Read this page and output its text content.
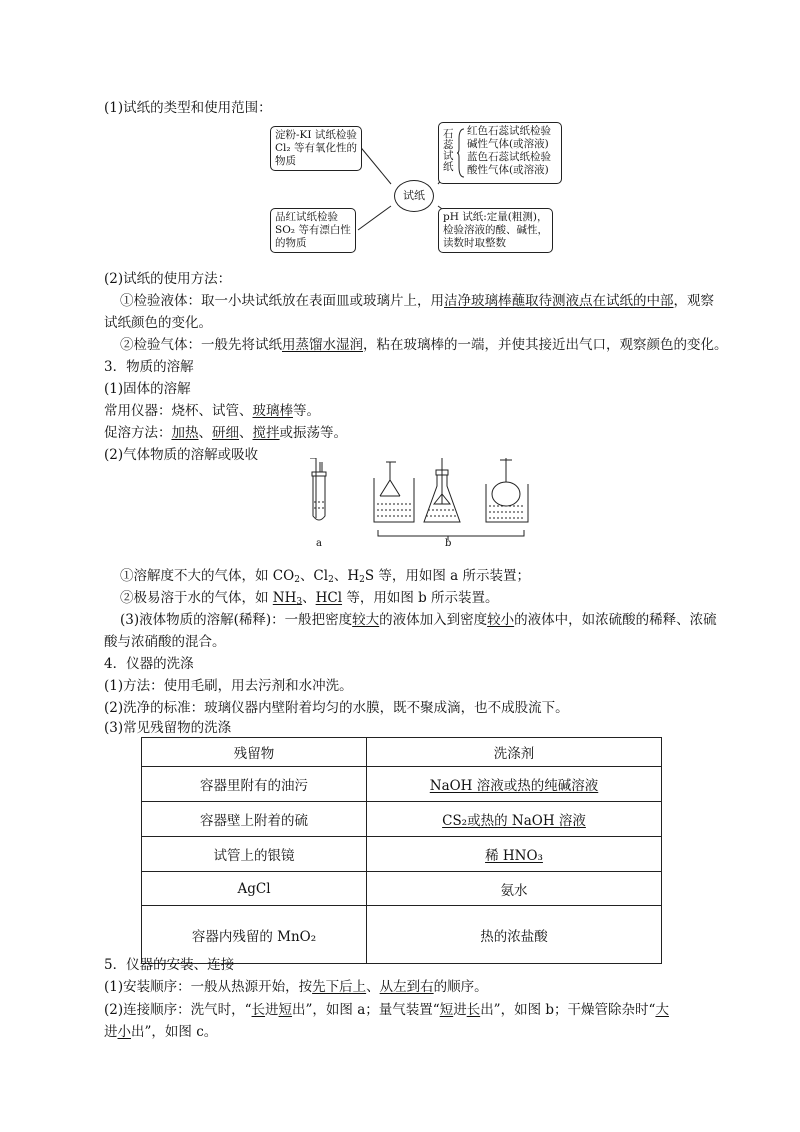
(1)试纸的类型和使用范围：
淀粉-KI 试纸检验
Cl₂ 等有氧化性的
物质
品红试纸检验
SO₂ 等有漂白性
的物质
试纸
石
蕊
试
纸
红色石蕊试纸检验
碱性气体(或溶液)
蓝色石蕊试纸检验
酸性气体(或溶液)
pH 试纸:定量(粗测)，
检验溶液的酸、碱性，
读数时取整数
(2)试纸的使用方法：
①检验液体：取一小块试纸放在表面皿或玻璃片上，用洁净玻璃棒蘸取待测液点在试纸的中部，观察
试纸颜色的变化。
②检验气体：一般先将试纸用蒸馏水湿润，粘在玻璃棒的一端，并使其接近出气口，观察颜色的变化。
3．物质的溶解
(1)固体的溶解
常用仪器：烧杯、试管、玻璃棒等。
促溶方法：加热、研细、搅拌或振荡等。
(2)气体物质的溶解或吸收
a	b
①溶解度不大的气体，如 $CO_2$、$Cl_2$、$H_2S$ 等，用如图 a 所示装置；
②极易溶于水的气体，如 $NH_3$、HCl 等，用如图 b 所示装置。
(3)液体物质的溶解(稀释)：一般把密度较大的液体加入到密度较小的液体中，如浓硫酸的稀释、浓硫
酸与浓硝酸的混合。
4．仪器的洗涤
(1)方法：使用毛刷，用去污剂和水冲洗。
(2)洗净的标准：玻璃仪器内壁附着均匀的水膜，既不聚成滴，也不成股流下。
(3)常见残留物的洗涤
残留物	洗涤剂
容器里附有的油污	NaOH 溶液或热的纯碱溶液
容器壁上附着的硫	CS₂或热的 NaOH 溶液
试管上的银镜	稀 HNO₃
AgCl	氨水
容器内残留的 MnO₂	热的浓盐酸
5．仪器的安装、连接
(1)安装顺序：一般从热源开始，按先下后上、从左到右的顺序。
(2)连接顺序：洗气时，“长进短出”，如图 a；量气装置“短进长出”，如图 b；干燥管除杂时“大
进小出”，如图 c。
